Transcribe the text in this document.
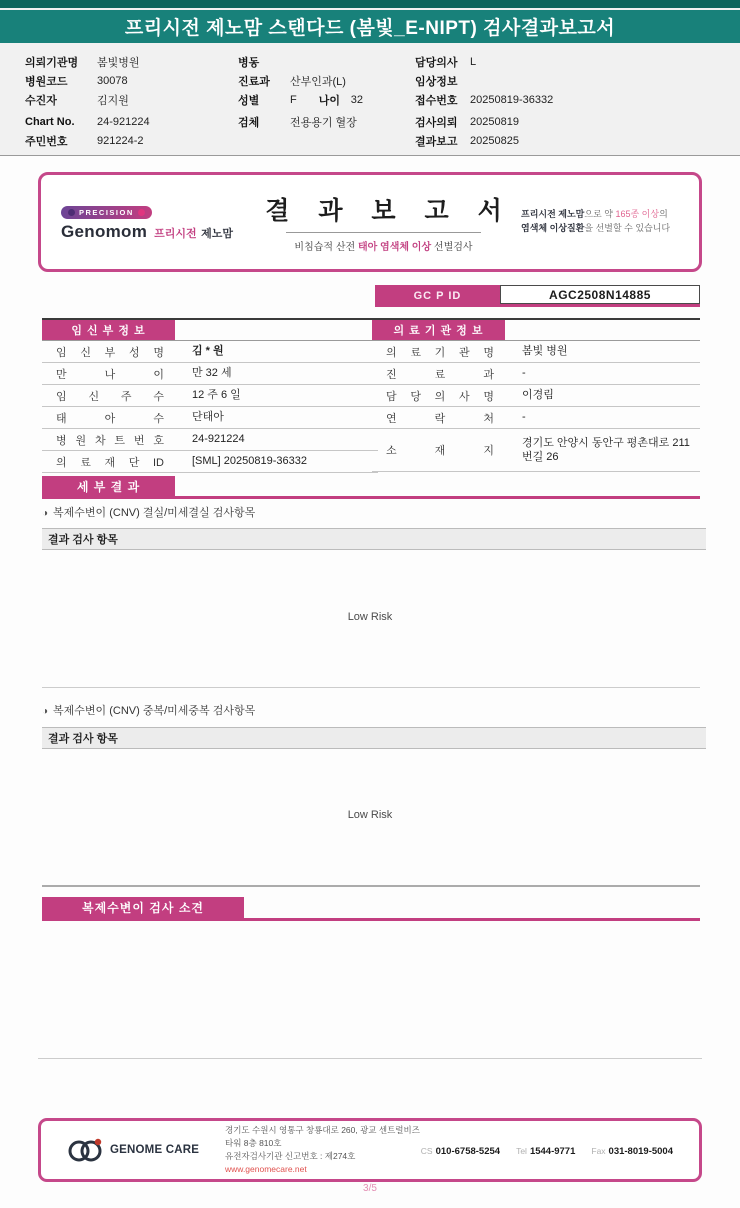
프리시전 제노맘 스탠다드 (봄빛_E-NIPT) 검사결과보고서
의뢰기관명	봄빛병원
병원코드	30078
수진자	김지원
Chart No.	24-921224
주민번호	921224-2
병동
진료과	산부인과(L)
성별	F 나이 32
검체	전용용기 혈장
담당의사	L
임상정보
접수번호	20250819-36332
검사의뢰	20250819
결과보고	20250825
PRECISION
Genomom 프리시전 제노맘
결 과 보 고 서
비침습적 산전 태아 염색체 이상 선별검사
프리시전 제노맘으로 약 165종 이상의
염색체 이상질환을 선별할 수 있습니다
GC P ID	AGC2508N14885
임 신 부 정 보
임 신 부 성 명	김 * 원
만 나 이	만 32 세
임 신 주 수	12 주 6 일
태 아 수	단태아
병 원 차 트 번 호	24-921224
의 료 재 단 ID	[SML] 20250819-36332
의 료 기 관 정 보
의 료 기 관 명	봄빛 병원
진 료 과	-
담 당 의 사 명	이경림
연 락 처	-
소 재 지
경기도 안양시 동안구 평촌대로 211번길 26
세 부 결 과
◑ 복제수변이 (CNV) 결실/미세결실 검사항목
결과 검사 항목
Low Risk
◑ 복제수변이 (CNV) 중복/미세중복 검사항목
결과 검사 항목
Low Risk
복제수변이 검사 소견
GENOME CARE
경기도 수원시 영통구 창룡대로 260, 광교 센트럴비즈타워 8층 810호
유전자검사기관 신고번호 : 제274호
www.genomecare.net
CS 010-6758-5254 Tel 1544-9771 Fax 031-8019-5004
3/5
